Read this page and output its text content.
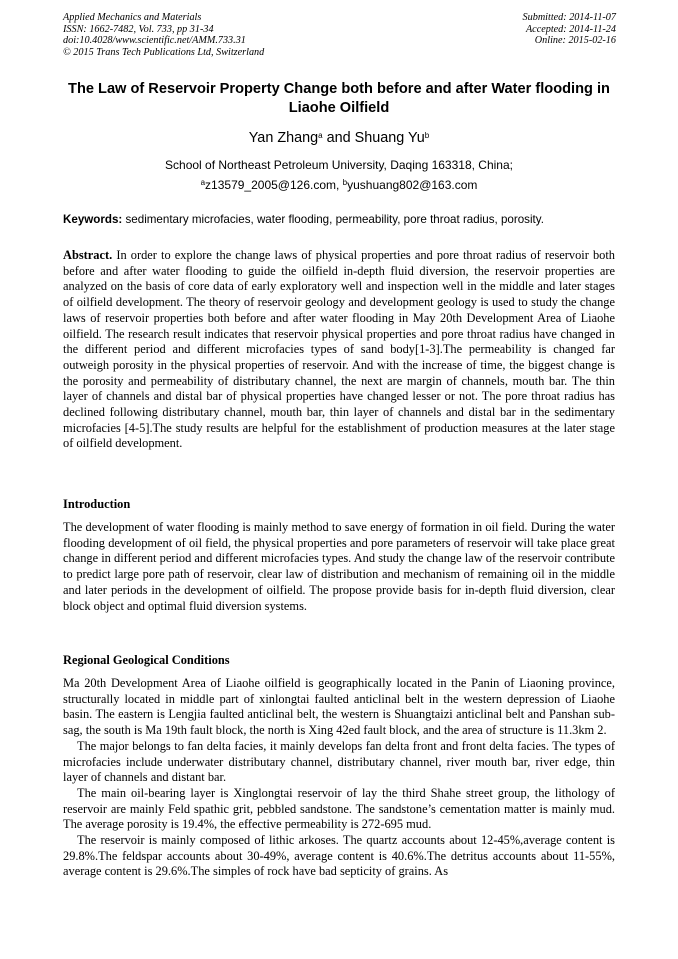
Applied Mechanics and Materials
ISSN: 1662-7482, Vol. 733, pp 31-34
doi:10.4028/www.scientific.net/AMM.733.31
© 2015 Trans Tech Publications Ltd, Switzerland
Submitted: 2014-11-07
Accepted: 2014-11-24
Online: 2015-02-16
The Law of Reservoir Property Change both before and after Water flooding in Liaohe Oilfield
Yan Zhang$^a$ and Shuang Yu$^b$
School of Northeast Petroleum University, Daqing 163318, China;
$^a$z13579_2005@126.com, $^b$yushuang802@163.com
Keywords: sedimentary microfacies, water flooding, permeability, pore throat radius, porosity.
Abstract. In order to explore the change laws of physical properties and pore throat radius of reservoir both before and after water flooding to guide the oilfield in-depth fluid diversion, the reservoir properties are analyzed on the basis of core data of early exploratory well and inspection well in the middle and later stages of oilfield development. The theory of reservoir geology and development geology is used to study the change laws of reservoir properties both before and after water flooding in May 20th Development Area of Liaohe oilfield. The research result indicates that reservoir physical properties and pore throat radius have changed in the different period and different microfacies types of sand body[1-3].The permeability is changed far outweigh porosity in the physical properties of reservoir. And with the increase of time, the biggest change is the porosity and permeability of distributary channel, the next are margin of channels, mouth bar. The thin layer of channels and distal bar of physical properties have changed lesser or not. The pore throat radius has declined following distributary channel, mouth bar, thin layer of channels and distal bar in the sedimentary microfacies [4-5].The study results are helpful for the establishment of production measures at the later stage of oilfield development.
Introduction
The development of water flooding is mainly method to save energy of formation in oil field. During the water flooding development of oil field, the physical properties and pore parameters of reservoir will take place great change in different period and different microfacies types. And study the change law of the reservoir contribute to predict large pore path of reservoir, clear law of distribution and mechanism of remaining oil in the middle and later periods in the development of oilfield. The propose provide basis for in-depth fluid diversion, clear block object and optimal fluid diversion systems.
Regional Geological Conditions

Ma 20th Development Area of Liaohe oilfield is geographically located in the Panin of Liaoning province, structurally located in middle part of xinlongtai faulted anticlinal belt in the western depression of Liaohe basin. The eastern is Lengjia faulted anticlinal belt, the western is Shuangtaizi anticlinal belt and Panshan sub-sag, the south is Ma 19th fault block, the north is Xing 42ed fault block, and the area of structure is 11.3km 2.

The major belongs to fan delta facies, it mainly develops fan delta front and front delta facies. The types of microfacies include underwater distributary channel, distributary channel, river mouth bar, river edge, thin layer of channels and distant bar.

The main oil-bearing layer is Xinglongtai reservoir of lay the third Shahe street group, the lithology of reservoir are mainly Feld spathic grit, pebbled sandstone. The sandstone’s cementation matter is mainly mud. The average porosity is 19.4%, the effective permeability is 272-695 mud.

The reservoir is mainly composed of lithic arkoses. The quartz accounts about 12-45%,average content is 29.8%.The feldspar accounts about 30-49%, average content is 40.6%.The detritus accounts about 11-55%, average content is 29.6%.The simples of rock have bad septicity of grains. As
